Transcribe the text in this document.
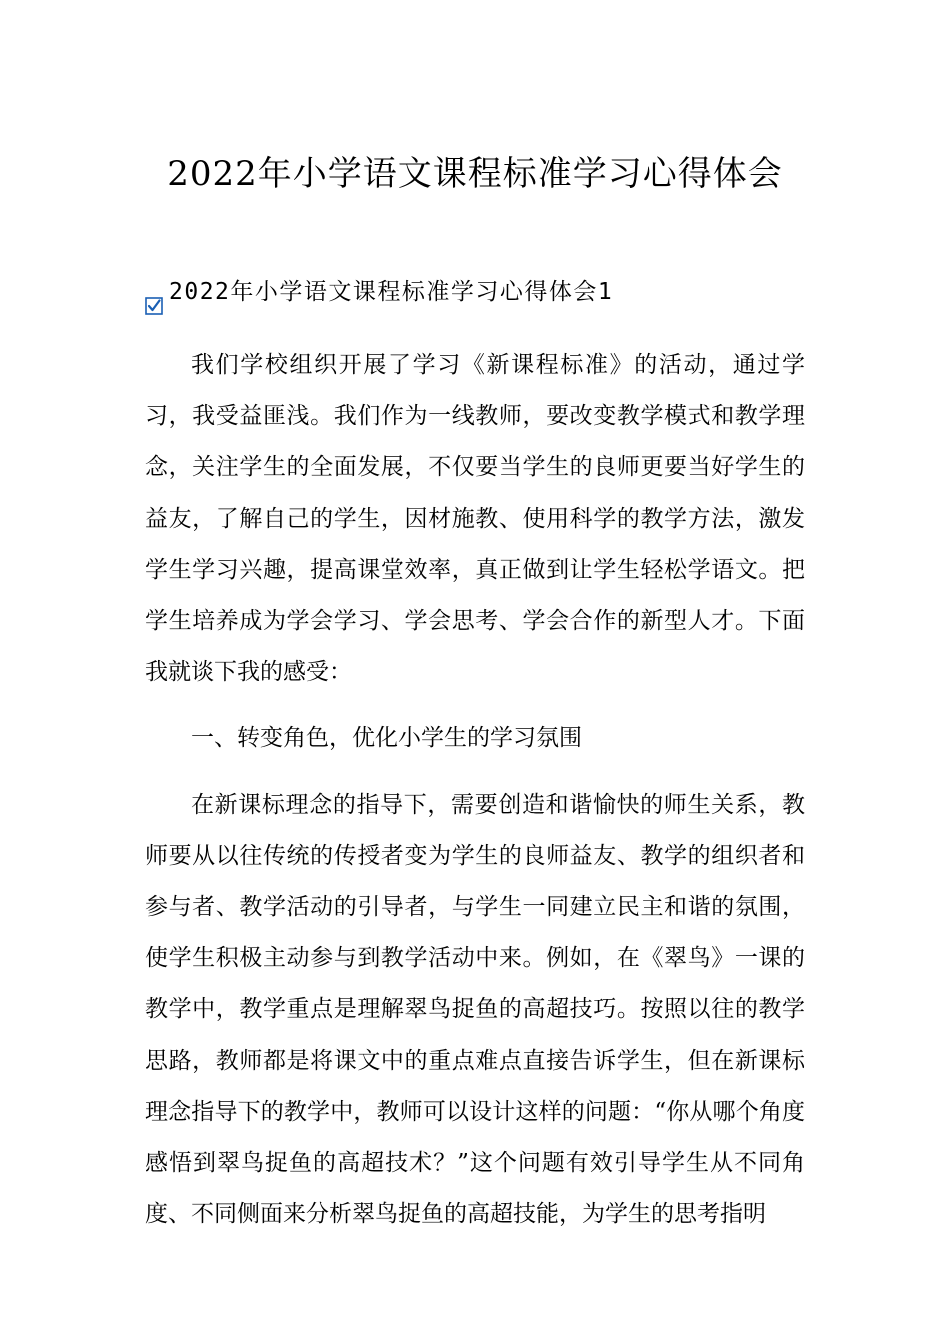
2022年小学语文课程标准学习心得体会
2022年小学语文课程标准学习心得体会1

我们学校组织开展了学习《新课程标准》的活动，通过学习，我受益匪浅。我们作为一线教师，要改变教学模式和教学理念，关注学生的全面发展，不仅要当学生的良师更要当好学生的益友，了解自己的学生，因材施教、使用科学的教学方法，激发学生学习兴趣，提高课堂效率，真正做到让学生轻松学语文。把学生培养成为学会学习、学会思考、学会合作的新型人才。下面我就谈下我的感受：

一、转变角色，优化小学生的学习氛围

在新课标理念的指导下，需要创造和谐愉快的师生关系，教师要从以往传统的传授者变为学生的良师益友、教学的组织者和参与者、教学活动的引导者，与学生一同建立民主和谐的氛围，使学生积极主动参与到教学活动中来。例如，在《翠鸟》一课的教学中，教学重点是理解翠鸟捉鱼的高超技巧。按照以往的教学思路，教师都是将课文中的重点难点直接告诉学生，但在新课标理念指导下的教学中，教师可以设计这样的问题：“你从哪个角度感悟到翠鸟捉鱼的高超技术？”这个问题有效引导学生从不同角度、不同侧面来分析翠鸟捉鱼的高超技能，为学生的思考指明
